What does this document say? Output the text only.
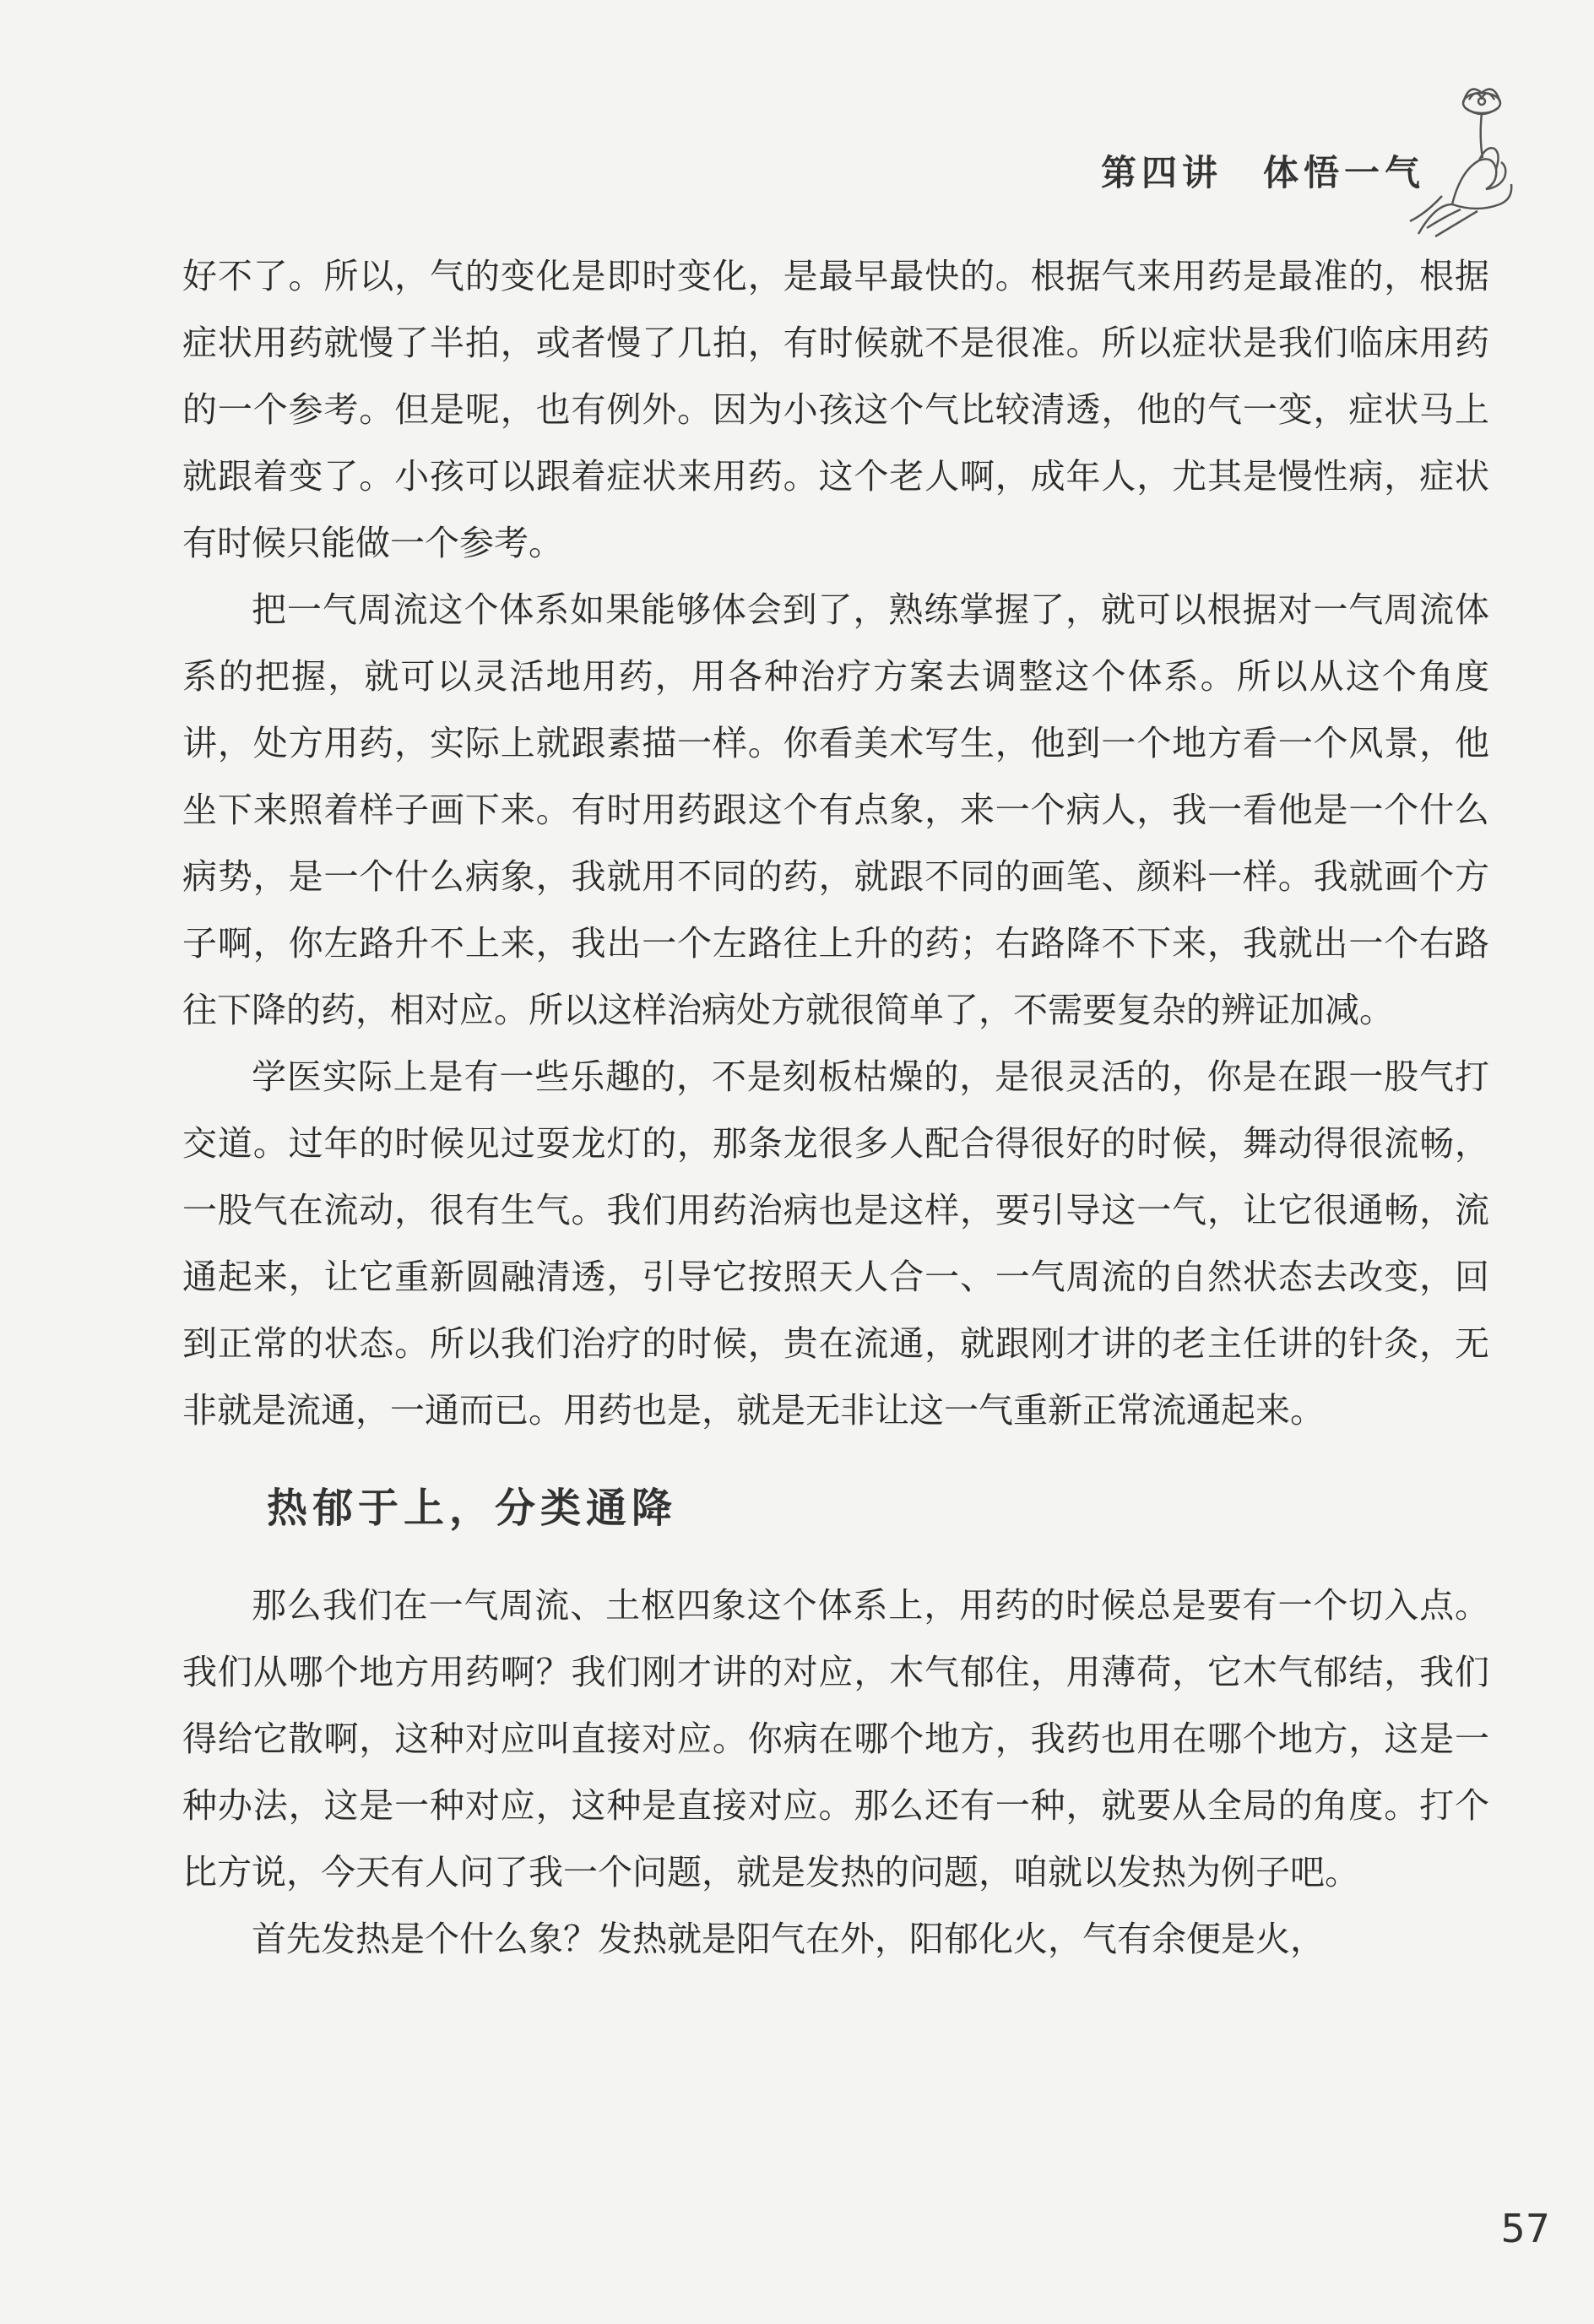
第四讲 体悟一气

好不了。所以，气的变化是即时变化，是最早最快的。根据气来用药是最准的，根据症状用药就慢了半拍，或者慢了几拍，有时候就不是很准。所以症状是我们临床用药的一个参考。但是呢，也有例外。因为小孩这个气比较清透，他的气一变，症状马上就跟着变了。小孩可以跟着症状来用药。这个老人啊，成年人，尤其是慢性病，症状有时候只能做一个参考。

把一气周流这个体系如果能够体会到了，熟练掌握了，就可以根据对一气周流体系的把握，就可以灵活地用药，用各种治疗方案去调整这个体系。所以从这个角度讲，处方用药，实际上就跟素描一样。你看美术写生，他到一个地方看一个风景，他坐下来照着样子画下来。有时用药跟这个有点象，来一个病人，我一看他是一个什么病势，是一个什么病象，我就用不同的药，就跟不同的画笔、颜料一样。我就画个方子啊，你左路升不上来，我出一个左路往上升的药；右路降不下来，我就出一个右路往下降的药，相对应。所以这样治病处方就很简单了，不需要复杂的辨证加减。

学医实际上是有一些乐趣的，不是刻板枯燥的，是很灵活的，你是在跟一股气打交道。过年的时候见过耍龙灯的，那条龙很多人配合得很好的时候，舞动得很流畅，一股气在流动，很有生气。我们用药治病也是这样，要引导这一气，让它很通畅，流通起来，让它重新圆融清透，引导它按照天人合一、一气周流的自然状态去改变，回到正常的状态。所以我们治疗的时候，贵在流通，就跟刚才讲的老主任讲的针灸，无非就是流通，一通而已。用药也是，就是无非让这一气重新正常流通起来。

热郁于上，分类通降

那么我们在一气周流、土枢四象这个体系上，用药的时候总是要有一个切入点。我们从哪个地方用药啊？我们刚才讲的对应，木气郁住，用薄荷，它木气郁结，我们得给它散啊，这种对应叫直接对应。你病在哪个地方，我药也用在哪个地方，这是一种办法，这是一种对应，这种是直接对应。那么还有一种，就要从全局的角度。打个比方说，今天有人问了我一个问题，就是发热的问题，咱就以发热为例子吧。

首先发热是个什么象？发热就是阳气在外，阳郁化火，气有余便是火，

57
